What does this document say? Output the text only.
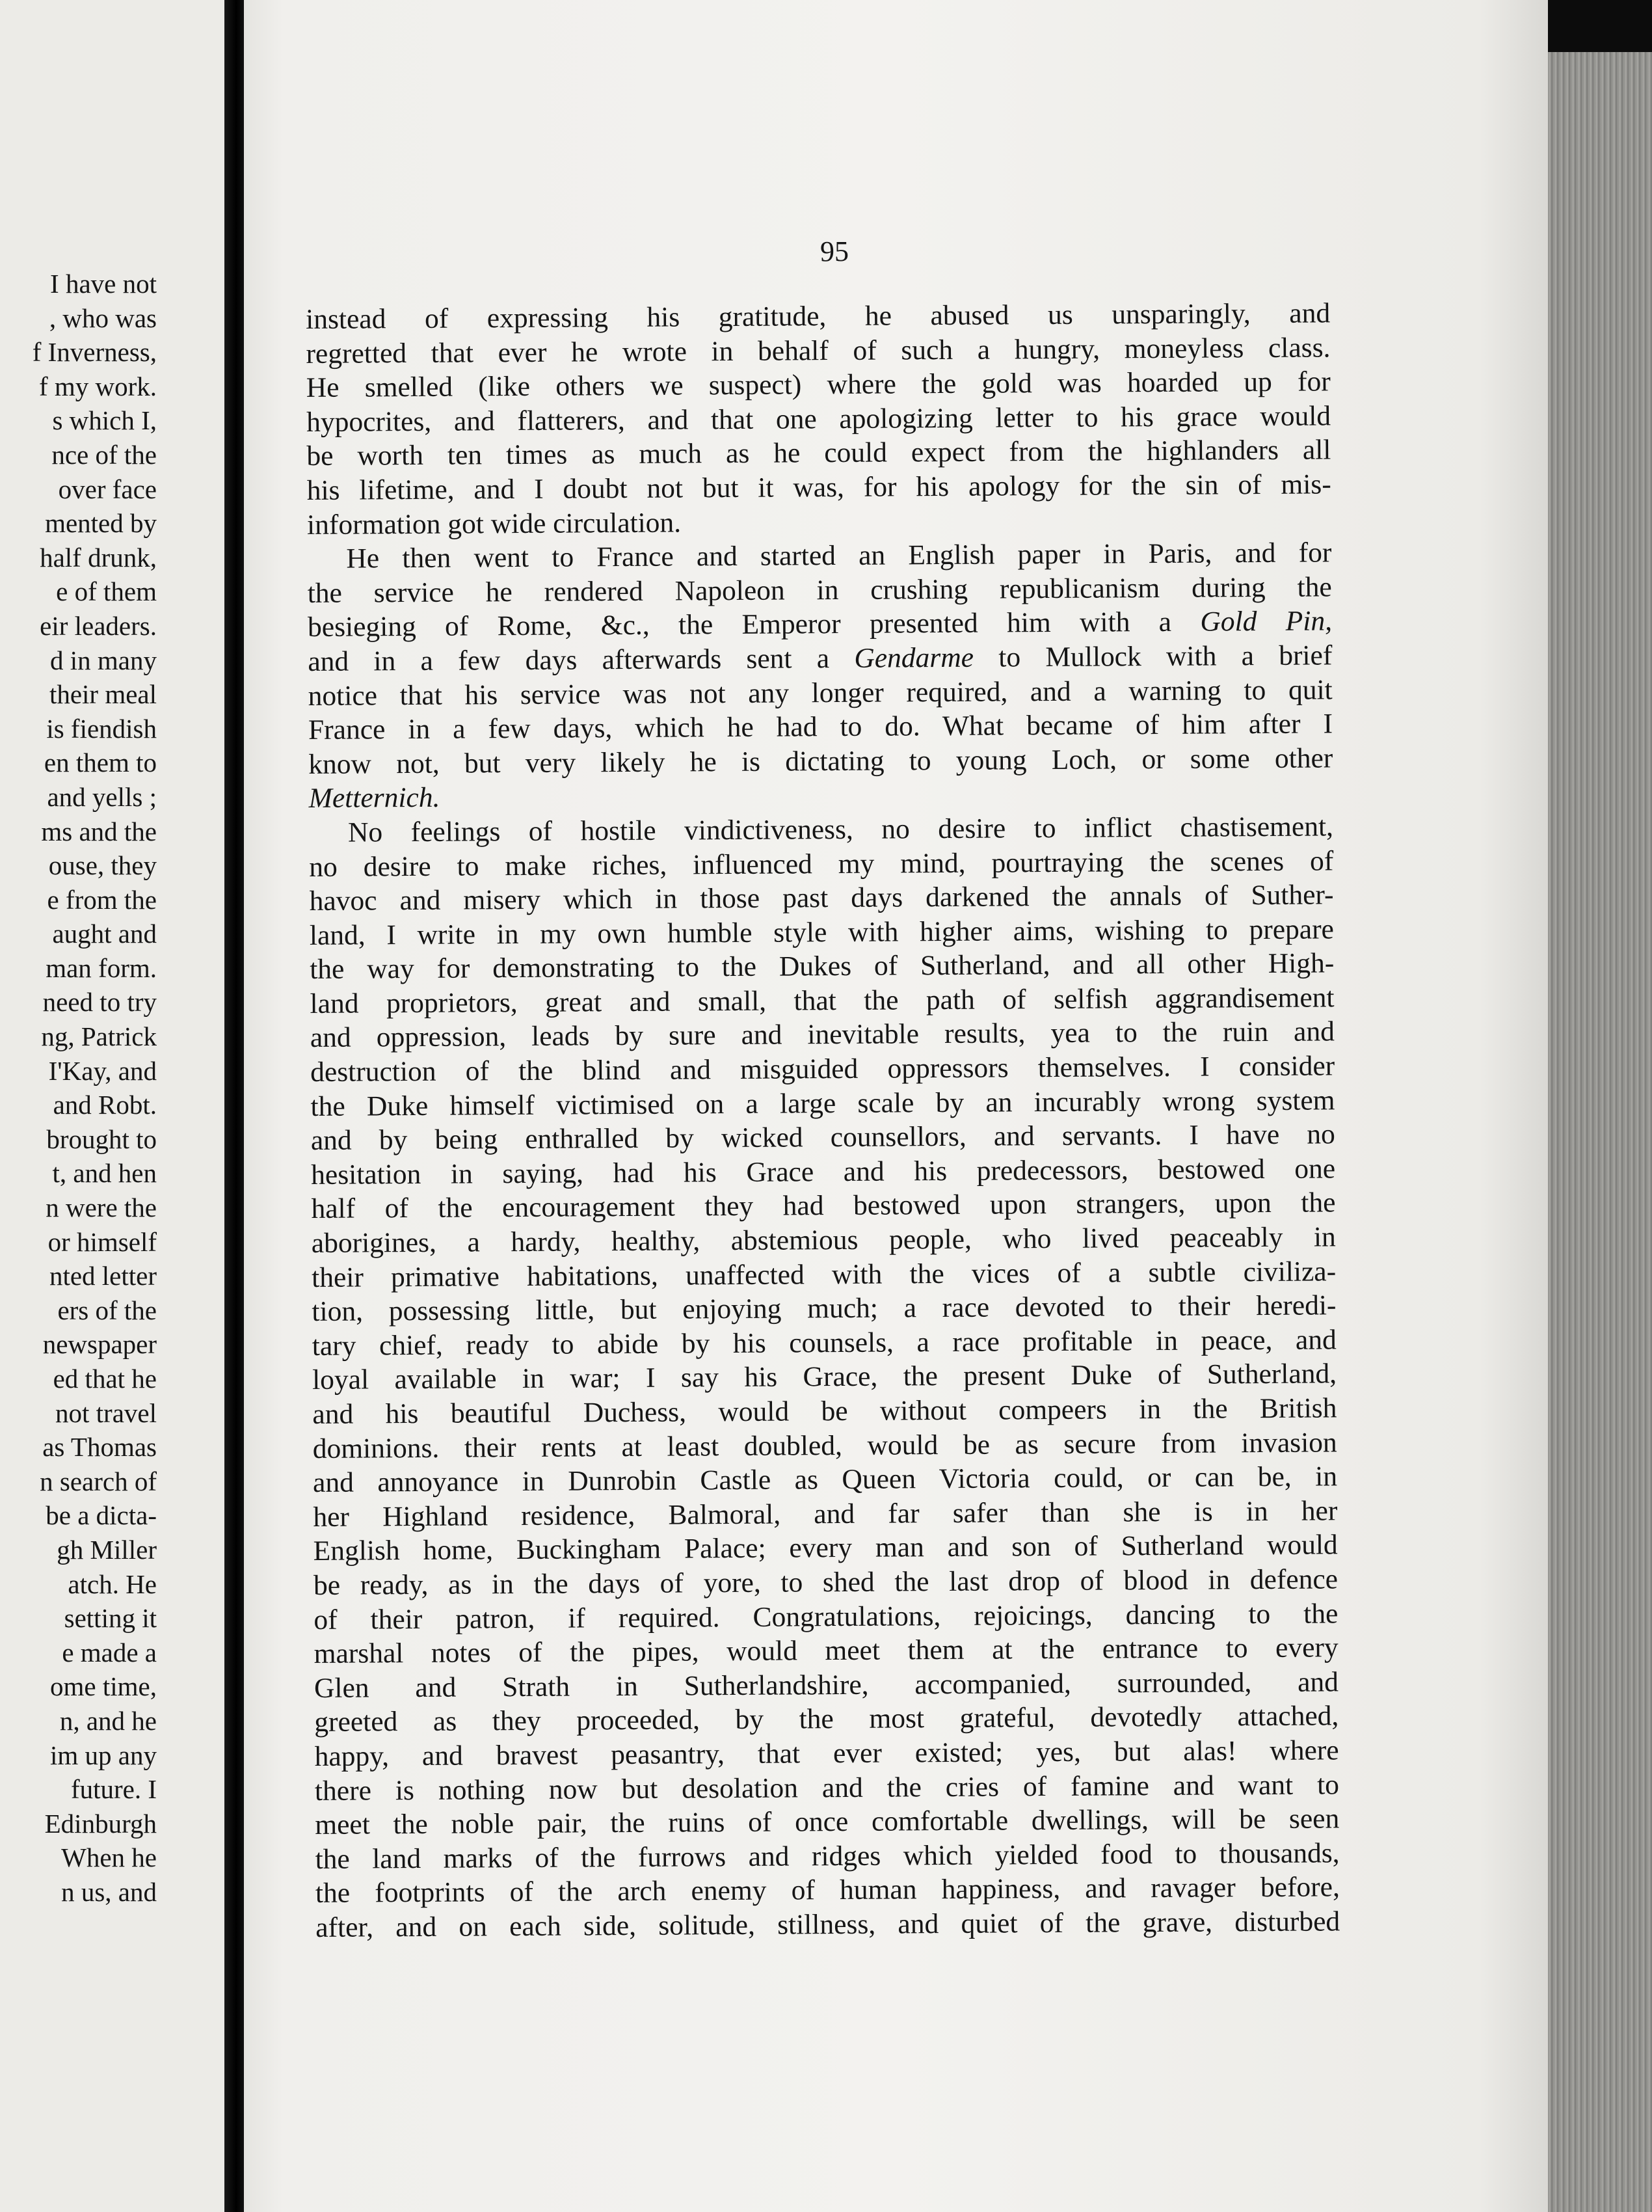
I have not
, who was
f Inverness,
f my work.
s which I,
nce of the
over face
mented by
half drunk,
e of them
eir leaders.
d in many
their meal
is fiendish
en them to
and yells ;
ms and the
ouse, they
e from the
aught and
man form.
need to try
ng, Patrick
I'Kay, and
and Robt.
brought to
t, and hen
n were the
or himself
nted letter
ers of the
newspaper
ed that he
not travel
as Thomas
n search of
be a dicta-
gh Miller
atch. He
setting it
e made a
ome time,
n, and he
im up any
future. I
Edinburgh
When he
n us, and
95
instead of expressing his gratitude, he abused us unsparingly, and
regretted that ever he wrote in behalf of such a hungry, moneyless class.
He smelled (like others we suspect) where the gold was hoarded up for
hypocrites, and flatterers, and that one apologizing letter to his grace would
be worth ten times as much as he could expect from the highlanders all
his lifetime, and I doubt not but it was, for his apology for the sin of mis-
information got wide circulation.
He then went to France and started an English paper in Paris, and for
the service he rendered Napoleon in crushing republicanism during the
besieging of Rome, &c., the Emperor presented him with a Gold Pin,
and in a few days afterwards sent a Gendarme to Mullock with a brief
notice that his service was not any longer required, and a warning to quit
France in a few days, which he had to do. What became of him after I
know not, but very likely he is dictating to young Loch, or some other
Metternich.
No feelings of hostile vindictiveness, no desire to inflict chastisement,
no desire to make riches, influenced my mind, pourtraying the scenes of
havoc and misery which in those past days darkened the annals of Suther-
land, I write in my own humble style with higher aims, wishing to prepare
the way for demonstrating to the Dukes of Sutherland, and all other High-
land proprietors, great and small, that the path of selfish aggrandisement
and oppression, leads by sure and inevitable results, yea to the ruin and
destruction of the blind and misguided oppressors themselves. I consider
the Duke himself victimised on a large scale by an incurably wrong system
and by being enthralled by wicked counsellors, and servants. I have no
hesitation in saying, had his Grace and his predecessors, bestowed one
half of the encouragement they had bestowed upon strangers, upon the
aborigines, a hardy, healthy, abstemious people, who lived peaceably in
their primative habitations, unaffected with the vices of a subtle civiliza-
tion, possessing little, but enjoying much; a race devoted to their heredi-
tary chief, ready to abide by his counsels, a race profitable in peace, and
loyal available in war; I say his Grace, the present Duke of Sutherland,
and his beautiful Duchess, would be without compeers in the British
dominions. their rents at least doubled, would be as secure from invasion
and annoyance in Dunrobin Castle as Queen Victoria could, or can be, in
her Highland residence, Balmoral, and far safer than she is in her
English home, Buckingham Palace; every man and son of Sutherland would
be ready, as in the days of yore, to shed the last drop of blood in defence
of their patron, if required. Congratulations, rejoicings, dancing to the
marshal notes of the pipes, would meet them at the entrance to every
Glen and Strath in Sutherlandshire, accompanied, surrounded, and
greeted as they proceeded, by the most grateful, devotedly attached,
happy, and bravest peasantry, that ever existed; yes, but alas! where
there is nothing now but desolation and the cries of famine and want to
meet the noble pair, the ruins of once comfortable dwellings, will be seen
the land marks of the furrows and ridges which yielded food to thousands,
the footprints of the arch enemy of human happiness, and ravager before,
after, and on each side, solitude, stillness, and quiet of the grave, disturbed
